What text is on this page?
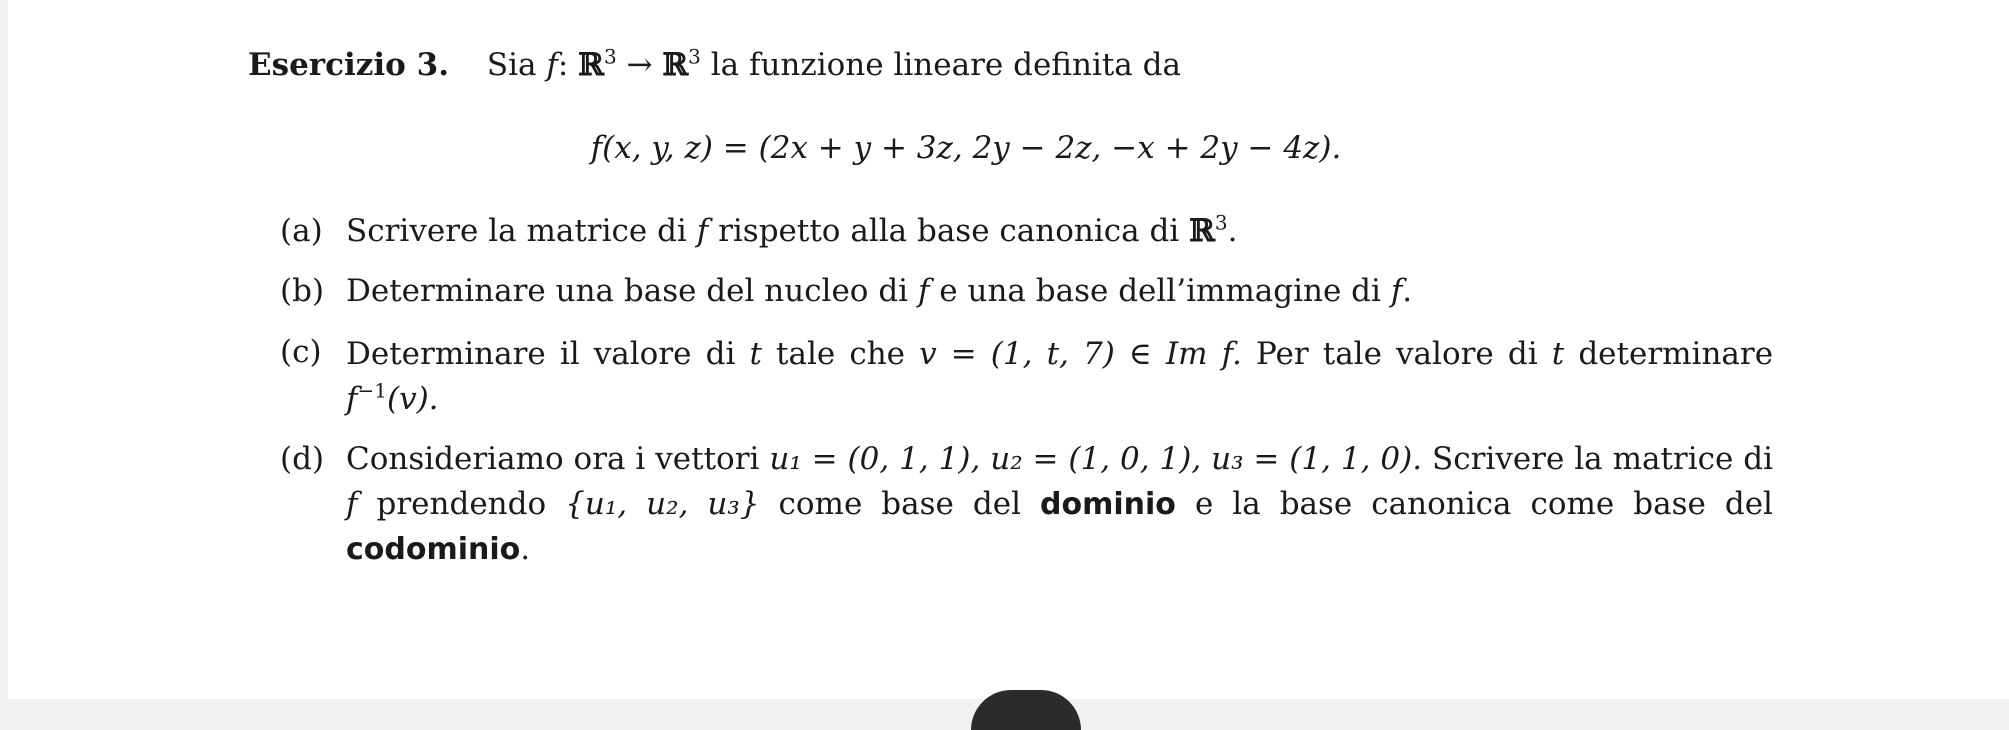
Esercizio 3. Sia f: ℝ$^3$ → ℝ$^3$ la funzione lineare definita da
f(x, y, z) = (2x + y + 3z, 2y − 2z, −x + 2y − 4z).
(a) Scrivere la matrice di f rispetto alla base canonica di ℝ$^3$.
(b) Determinare una base del nucleo di f e una base dell’immagine di f.
(c) Determinare il valore di t tale che v = (1, t, 7) ∈ Im f. Per tale valore di t determinare $f^{-1}(v)$.
(d) Consideriamo ora i vettori u₁ = (0, 1, 1), u₂ = (1, 0, 1), u₃ = (1, 1, 0). Scrivere la matrice di f prendendo {u₁, u₂, u₃} come base del dominio e la base canonica come base del codominio.
